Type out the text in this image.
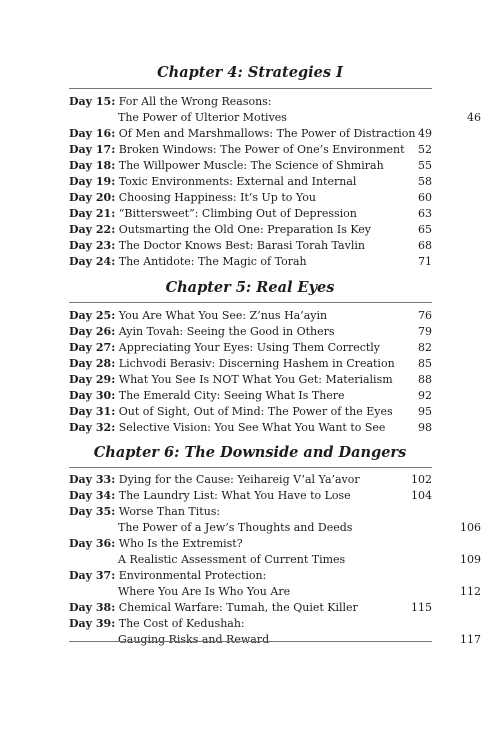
Chapter 4: Strategies I
Day 15: For All the Wrong Reasons:
The Power of Ulterior Motives	46
Day 16: Of Men and Marshmallows: The Power of Distraction 49
Day 17: Broken Windows: The Power of One’s Environment 52
Day 18: The Willpower Muscle: The Science of Shmirah	55
Day 19: Toxic Environments: External and Internal	58
Day 20: Choosing Happiness: It’s Up to You	60
Day 21: “Bittersweet”: Climbing Out of Depression	63
Day 22: Outsmarting the Old One: Preparation Is Key	65
Day 23: The Doctor Knows Best: Barasi Torah Tavlin	68
Day 24: The Antidote: The Magic of Torah	71
Chapter 5: Real Eyes
Day 25: You Are What You See: Z’nus Ha’ayin	76
Day 26: Ayin Tovah: Seeing the Good in Others	79
Day 27: Appreciating Your Eyes: Using Them Correctly	82
Day 28: Lichvodi Berasiv: Discerning Hashem in Creation 85
Day 29: What You See Is NOT What You Get: Materialism 88
Day 30: The Emerald City: Seeing What Is There	92
Day 31: Out of Sight, Out of Mind: The Power of the Eyes 95
Day 32: Selective Vision: You See What You Want to See	98
Chapter 6: The Downside and Dangers
Day 33: Dying for the Cause: Yeihareig V’al Ya’avor	102
Day 34: The Laundry List: What You Have to Lose	104
Day 35: Worse Than Titus:
The Power of a Jew’s Thoughts and Deeds	106
Day 36: Who Is the Extremist?
A Realistic Assessment of Current Times	109
Day 37: Environmental Protection:
Where You Are Is Who You Are	112
Day 38: Chemical Warfare: Tumah, the Quiet Killer	115
Day 39: The Cost of Kedushah:
Gauging Risks and Reward	117
